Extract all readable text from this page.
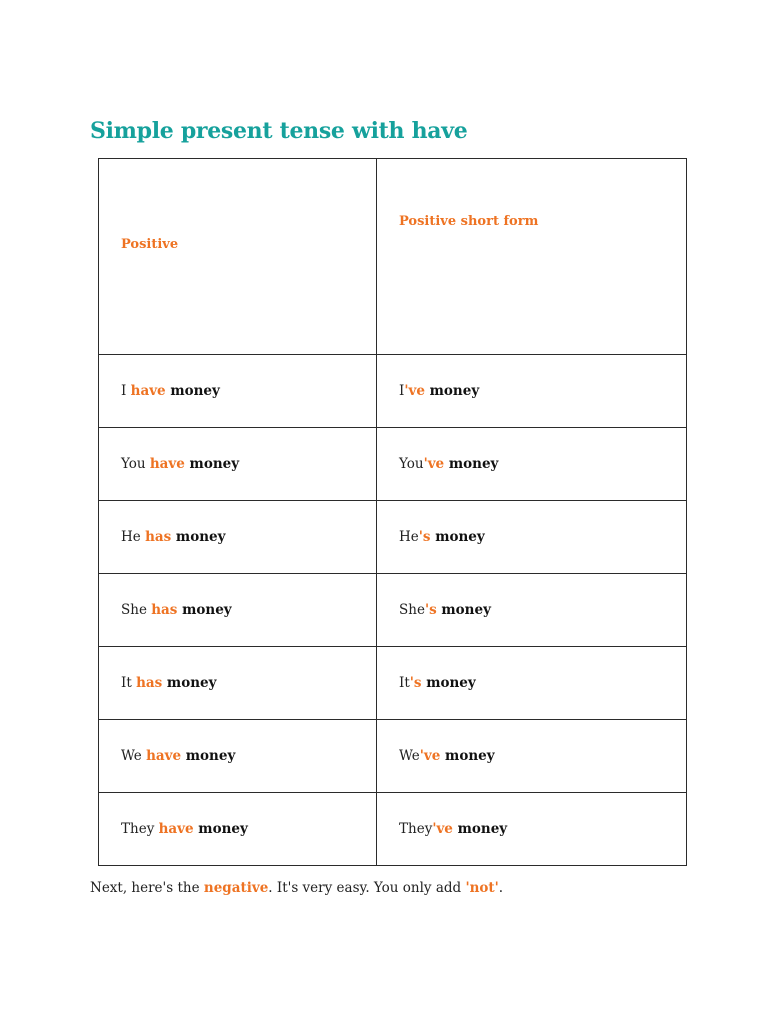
Simple present tense with have
Positive	Positive short form
I have money	I've money
You have money	You've money
He has money	He's money
She has money	She's money
It has money	It's money
We have money	We've money
They have money	They've money

Next, here's the negative. It's very easy. You only add 'not'.
